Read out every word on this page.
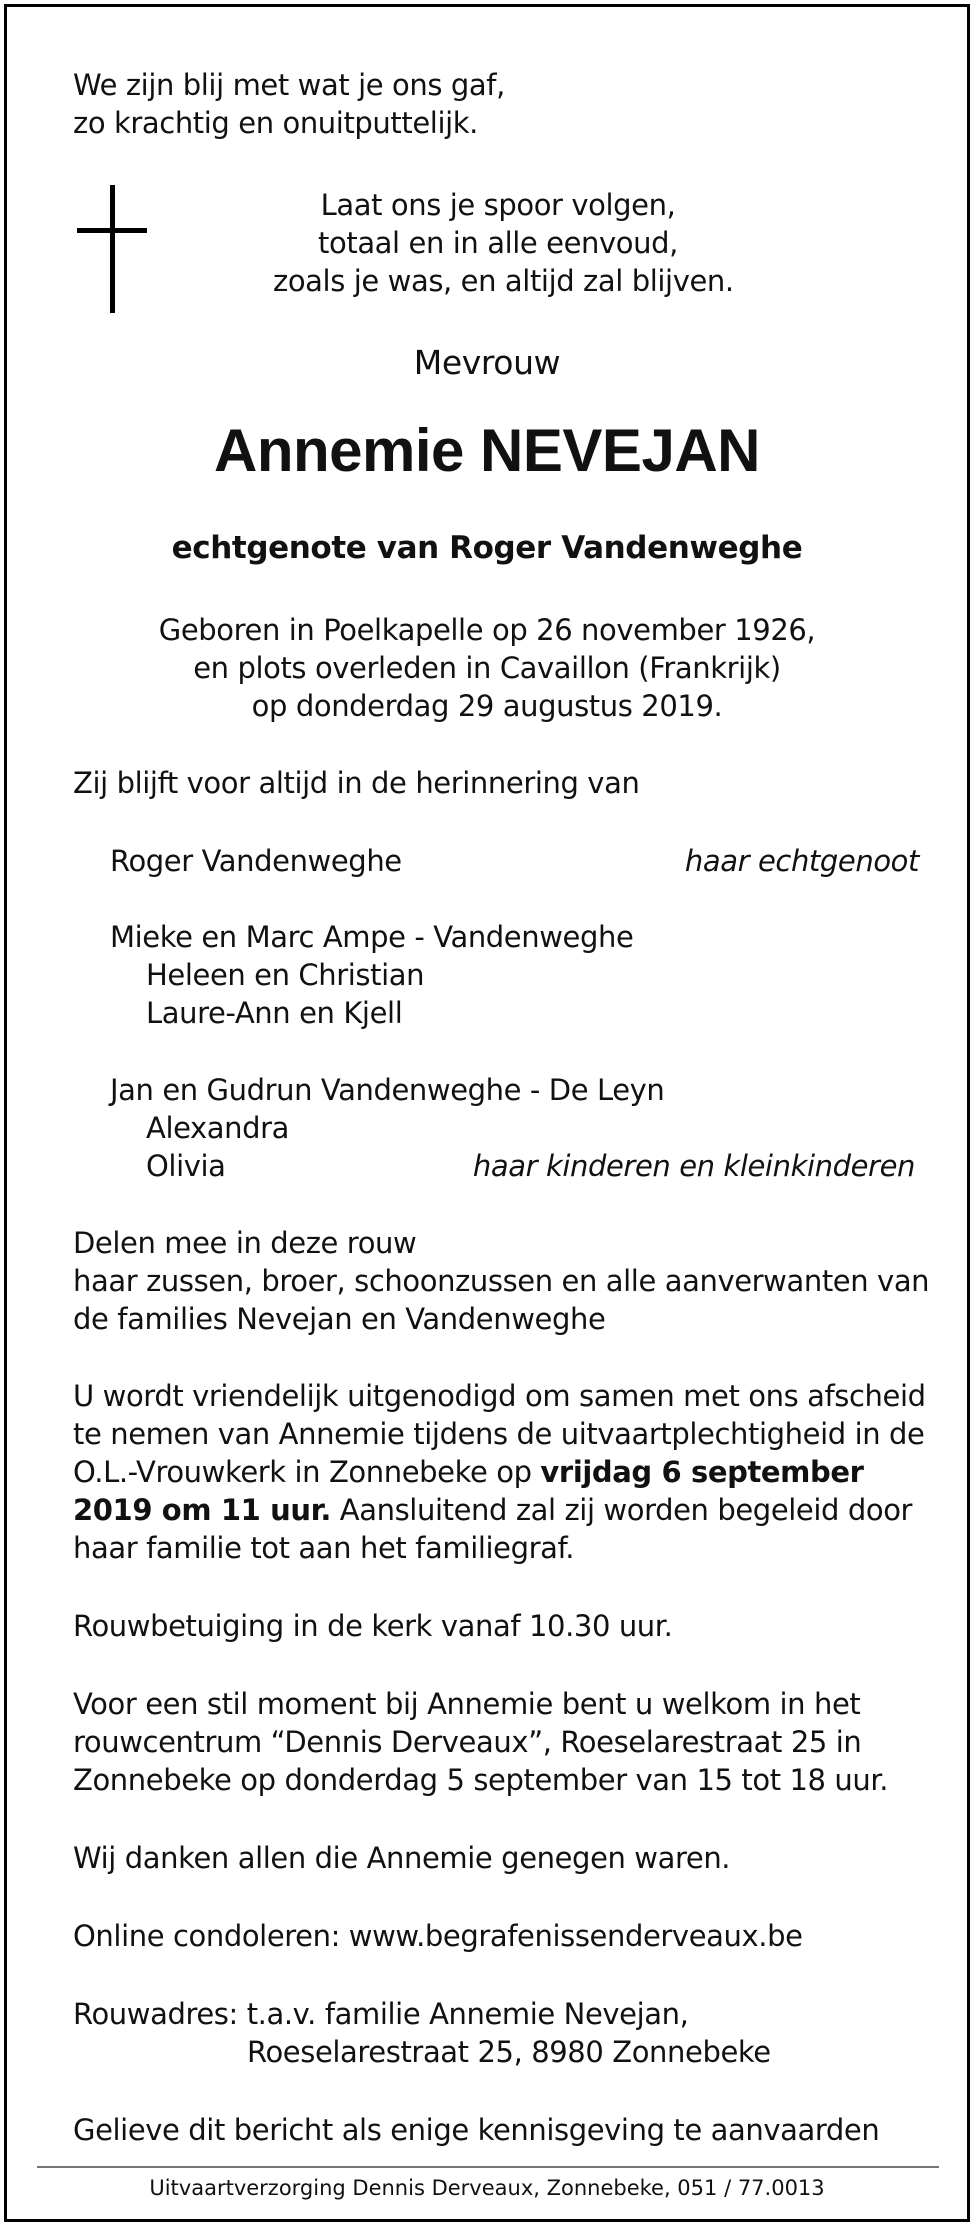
We zijn blij met wat je ons gaf,
zo krachtig en onuitputtelijk.
Laat ons je spoor volgen,
totaal en in alle eenvoud,
zoals je was, en altijd zal blijven.
Mevrouw
Annemie NEVEJAN
echtgenote van Roger Vandenweghe
Geboren in Poelkapelle op 26 november 1926,
en plots overleden in Cavaillon (Frankrijk)
op donderdag 29 augustus 2019.
Zij blijft voor altijd in de herinnering van
Roger Vandenweghe	haar echtgenoot
Mieke en Marc Ampe - Vandenweghe
Heleen en Christian
Laure-Ann en Kjell
Jan en Gudrun Vandenweghe - De Leyn
Alexandra
Olivia	haar kinderen en kleinkinderen
Delen mee in deze rouw
haar zussen, broer, schoonzussen en alle aanverwanten van
de families Nevejan en Vandenweghe
U wordt vriendelijk uitgenodigd om samen met ons afscheid
te nemen van Annemie tijdens de uitvaartplechtigheid in de
O.L.-Vrouwkerk in Zonnebeke op vrijdag 6 september
2019 om 11 uur. Aansluitend zal zij worden begeleid door
haar familie tot aan het familiegraf.
Rouwbetuiging in de kerk vanaf 10.30 uur.
Voor een stil moment bij Annemie bent u welkom in het
rouwcentrum “Dennis Derveaux”, Roeselarestraat 25 in
Zonnebeke op donderdag 5 september van 15 tot 18 uur.
Wij danken allen die Annemie genegen waren.
Online condoleren: www.begrafenissenderveaux.be
Rouwadres: t.a.v. familie Annemie Nevejan,
Roeselarestraat 25, 8980 Zonnebeke
Gelieve dit bericht als enige kennisgeving te aanvaarden
Uitvaartverzorging Dennis Derveaux, Zonnebeke, 051 / 77.0013
